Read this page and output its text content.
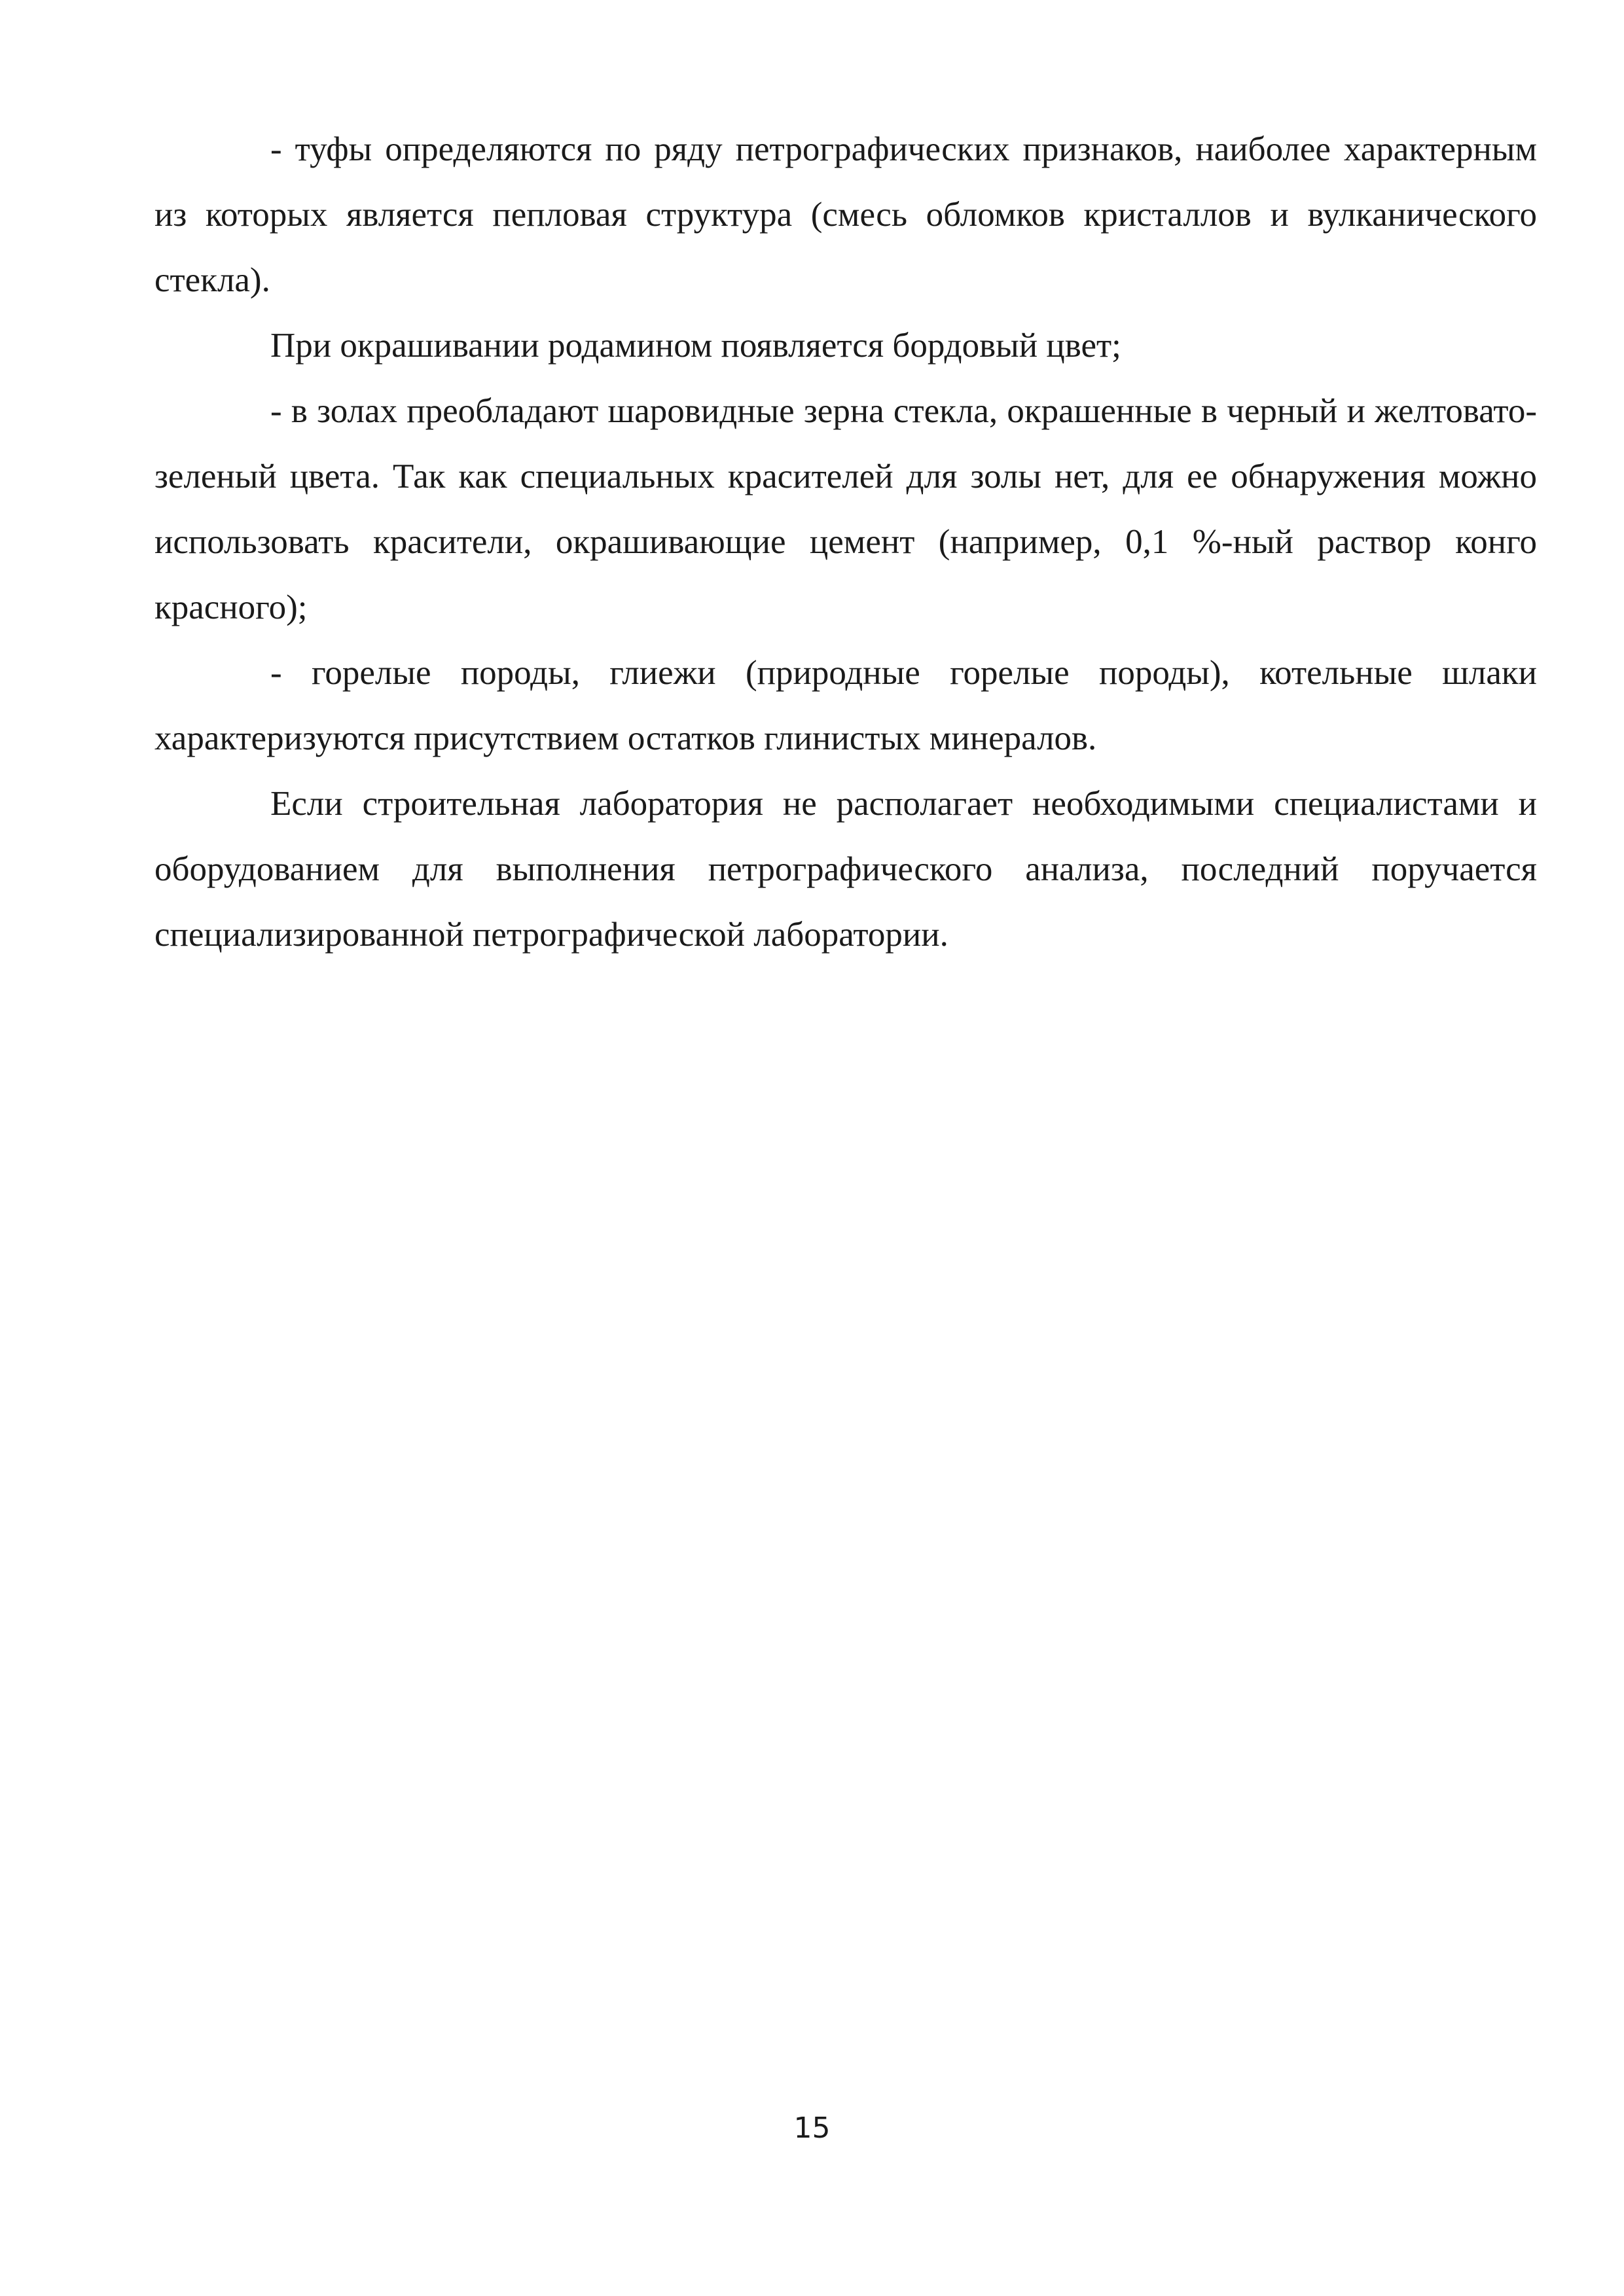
- туфы определяются по ряду петрографических признаков, наиболее характерным из которых является пепловая структура (смесь обломков кристаллов и вулканического стекла).

При окрашивании родамином появляется бордовый цвет;

- в золах преобладают шаровидные зерна стекла, окрашенные в черный и желтовато-зеленый цвета. Так как специальных красителей для золы нет, для ее обнаружения можно использовать красители, окрашивающие цемент (например, 0,1 %-ный раствор конго красного);

- горелые породы, глиежи (природные горелые породы), котельные шлаки характеризуются присутствием остатков глинистых минералов.

Если строительная лаборатория не располагает необходимыми специалистами и оборудованием для выполнения петрографического анализа, последний поручается специализированной петрографической лаборатории.

15
